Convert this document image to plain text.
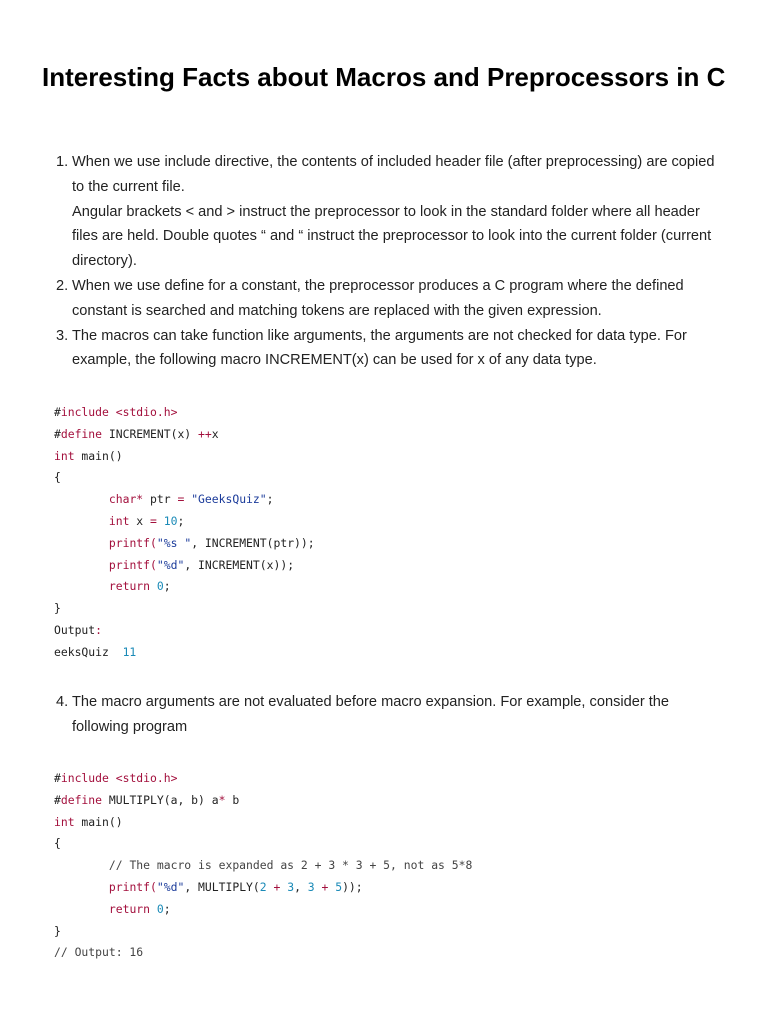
Interesting Facts about Macros and Preprocessors in C
1. When we use include directive, the contents of included header file (after preprocessing) are copied to the current file.
Angular brackets < and > instruct the preprocessor to look in the standard folder where all header files are held. Double quotes “ and “ instruct the preprocessor to look into the current folder (current directory).
2. When we use define for a constant, the preprocessor produces a C program where the defined constant is searched and matching tokens are replaced with the given expression.
3. The macros can take function like arguments, the arguments are not checked for data type. For example, the following macro INCREMENT(x) can be used for x of any data type.
#include <stdio.h>
#define INCREMENT(x) ++x
int main()
{
char* ptr = "GeeksQuiz";
int x = 10;
printf("%s ", INCREMENT(ptr));
printf("%d", INCREMENT(x));
return 0;
}
Output:
eeksQuiz  11
4. The macro arguments are not evaluated before macro expansion. For example, consider the following program
#include <stdio.h>
#define MULTIPLY(a, b) a* b
int main()
{
// The macro is expanded as 2 + 3 * 3 + 5, not as 5*8
printf("%d", MULTIPLY(2 + 3, 3 + 5));
return 0;
}
// Output: 16
